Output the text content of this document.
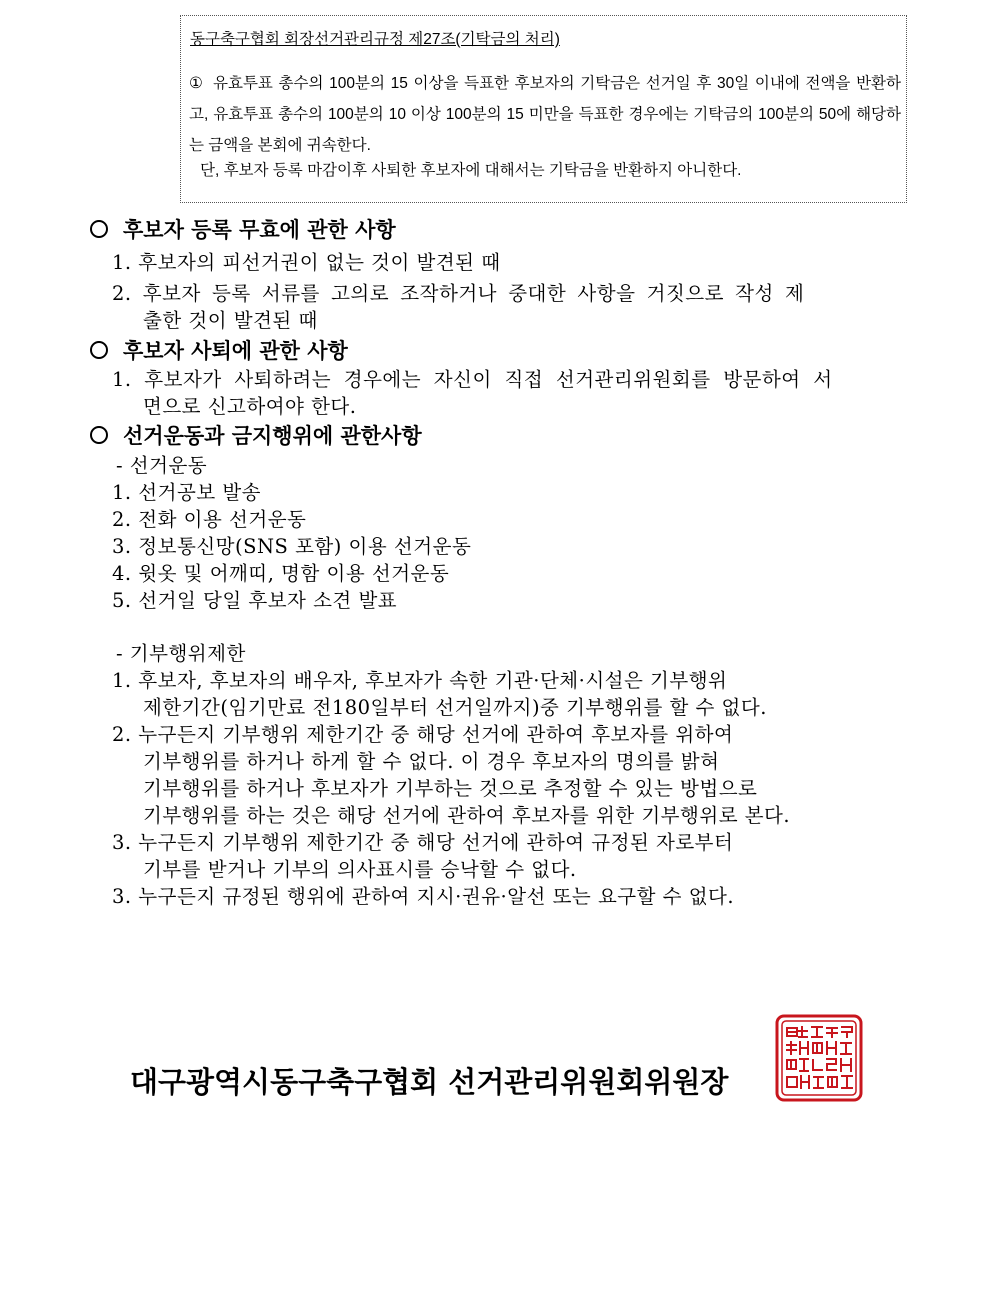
동구축구협회 회장선거관리규정 제27조(기탁금의 처리)
① 유효투표 총수의 100분의 15 이상을 득표한 후보자의 기탁금은 선거일 후 30일 이내에 전액을 반환하고, 유효투표 총수의 100분의 10 이상 100분의 15 미만을 득표한 경우에는 기탁금의 100분의 50에 해당하는 금액을 본회에 귀속한다.
단, 후보자 등록 마감이후 사퇴한 후보자에 대해서는 기탁금을 반환하지 아니한다.
후보자 등록 무효에 관한 사항
1. 후보자의 피선거권이 없는 것이 발견된 때
2. 후보자 등록 서류를 고의로 조작하거나 중대한 사항을 거짓으로 작성 제
출한 것이 발견된 때
후보자 사퇴에 관한 사항
1. 후보자가 사퇴하려는 경우에는 자신이 직접 선거관리위원회를 방문하여 서
면으로 신고하여야 한다.
선거운동과 금지행위에 관한사항
- 선거운동
1. 선거공보 발송
2. 전화 이용 선거운동
3. 정보통신망(SNS 포함) 이용 선거운동
4. 윗옷 및 어깨띠, 명함 이용 선거운동
5. 선거일 당일 후보자 소견 발표
- 기부행위제한
1. 후보자, 후보자의 배우자, 후보자가 속한 기관·단체·시설은 기부행위
제한기간(임기만료 전180일부터 선거일까지)중 기부행위를 할 수 없다.
2. 누구든지 기부행위 제한기간 중 해당 선거에 관하여 후보자를 위하여
기부행위를 하거나 하게 할 수 없다. 이 경우 후보자의 명의를 밝혀
기부행위를 하거나 후보자가 기부하는 것으로 추정할 수 있는 방법으로
기부행위를 하는 것은 해당 선거에 관하여 후보자를 위한 기부행위로 본다.
3. 누구든지 기부행위 제한기간 중 해당 선거에 관하여 규정된 자로부터
기부를 받거나 기부의 의사표시를 승낙할 수 없다.
3. 누구든지 규정된 행위에 관하여 지시·권유·알선 또는 요구할 수 없다.
대구광역시동구축구협회 선거관리위원회위원장
